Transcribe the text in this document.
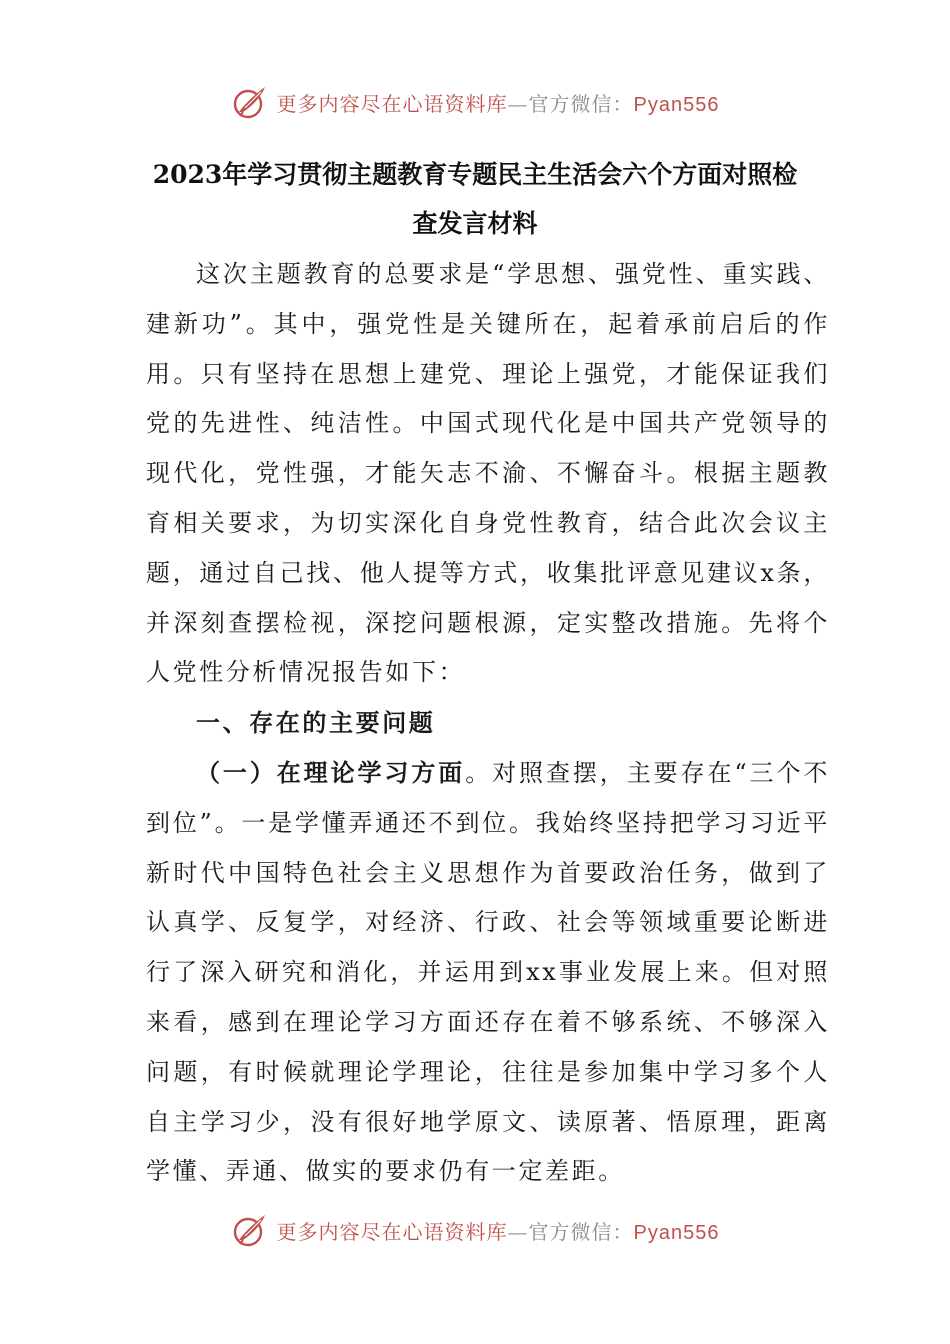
更多内容尽在心语资料库—官方微信：Pyan556
2023年学习贯彻主题教育专题民主生活会六个方面对照检
查发言材料

这次主题教育的总要求是“学思想、强党性、重实践、建新功”。其中，强党性是关键所在，起着承前启后的作用。只有坚持在思想上建党、理论上强党，才能保证我们党的先进性、纯洁性。中国式现代化是中国共产党领导的现代化，党性强，才能矢志不渝、不懈奋斗。根据主题教育相关要求，为切实深化自身党性教育，结合此次会议主题，通过自己找、他人提等方式，收集批评意见建议x条，并深刻查摆检视，深挖问题根源，定实整改措施。先将个人党性分析情况报告如下：

一、存在的主要问题

（一）在理论学习方面。对照查摆，主要存在“三个不到位”。一是学懂弄通还不到位。我始终坚持把学习习近平新时代中国特色社会主义思想作为首要政治任务，做到了认真学、反复学，对经济、行政、社会等领域重要论断进行了深入研究和消化，并运用到xx事业发展上来。但对照来看，感到在理论学习方面还存在着不够系统、不够深入问题，有时候就理论学理论，往往是参加集中学习多个人自主学习少，没有很好地学原文、读原著、悟原理，距离学懂、弄通、做实的要求仍有一定差距。

更多内容尽在心语资料库—官方微信：Pyan556
